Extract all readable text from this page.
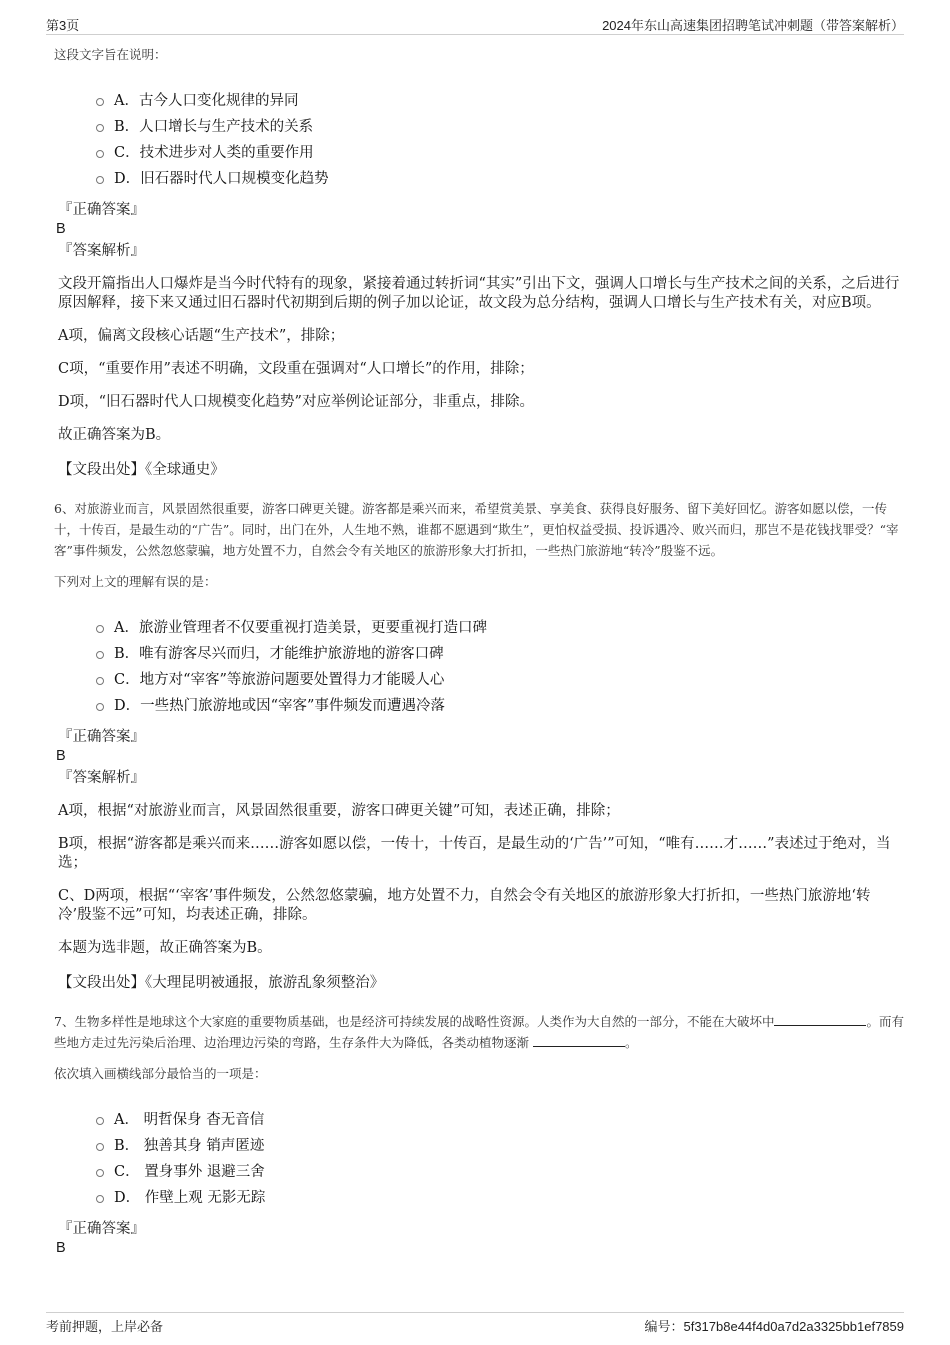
第3页	2024年东山高速集团招聘笔试冲刺题（带答案解析）

这段文字旨在说明：

A．古今人口变化规律的异同
B．人口增长与生产技术的关系
C．技术进步对人类的重要作用
D．旧石器时代人口规模变化趋势
『正确答案』
B
『答案解析』

文段开篇指出人口爆炸是当今时代特有的现象，紧接着通过转折词“其实”引出下文，强调人口增长与生产技术之间的关系，之后进行原因解释，接下来又通过旧石器时代初期到后期的例子加以论证，故文段为总分结构，强调人口增长与生产技术有关，对应B项。

A项，偏离文段核心话题“生产技术”，排除；

C项，“重要作用”表述不明确，文段重在强调对“人口增长”的作用，排除；

D项，“旧石器时代人口规模变化趋势”对应举例论证部分，非重点，排除。

故正确答案为B。

【文段出处】《全球通史》

6、对旅游业而言，风景固然很重要，游客口碑更关键。游客都是乘兴而来，希望赏美景、享美食、获得良好服务、留下美好回忆。游客如愿以偿，一传十，十传百，是最生动的“广告”。同时，出门在外，人生地不熟，谁都不愿遇到“欺生”，更怕权益受损、投诉遇冷、败兴而归，那岂不是花钱找罪受？“宰客”事件频发，公然忽悠蒙骗，地方处置不力，自然会令有关地区的旅游形象大打折扣，一些热门旅游地“转冷”殷鉴不远。

下列对上文的理解有误的是：

A．旅游业管理者不仅要重视打造美景，更要重视打造口碑
B．唯有游客尽兴而归，才能维护旅游地的游客口碑
C．地方对“宰客”等旅游问题要处置得力才能暖人心
D．一些热门旅游地或因“宰客”事件频发而遭遇冷落
『正确答案』
B
『答案解析』

A项，根据“对旅游业而言，风景固然很重要，游客口碑更关键”可知，表述正确，排除；

B项，根据“游客都是乘兴而来……游客如愿以偿，一传十，十传百，是最生动的‘广告’”可知，“唯有……才……”表述过于绝对，当选；

C、D两项，根据“‘宰客’事件频发，公然忽悠蒙骗，地方处置不力，自然会令有关地区的旅游形象大打折扣，一些热门旅游地‘转冷’殷鉴不远”可知，均表述正确，排除。

本题为选非题，故正确答案为B。

【文段出处】《大理昆明被通报，旅游乱象须整治》

7、生物多样性是地球这个大家庭的重要物质基础，也是经济可持续发展的战略性资源。人类作为大自然的一部分，不能在大破坏中	。而有些地方走过先污染后治理、边治理边污染的弯路，生存条件大为降低，各类动植物逐渐	。

依次填入画横线部分最恰当的一项是：

A． 明哲保身 杳无音信
B． 独善其身 销声匿迹
C． 置身事外 退避三舍
D． 作壁上观 无影无踪
『正确答案』
B
考前押题，上岸必备	编号：5f317b8e44f4d0a7d2a3325bb1ef7859
